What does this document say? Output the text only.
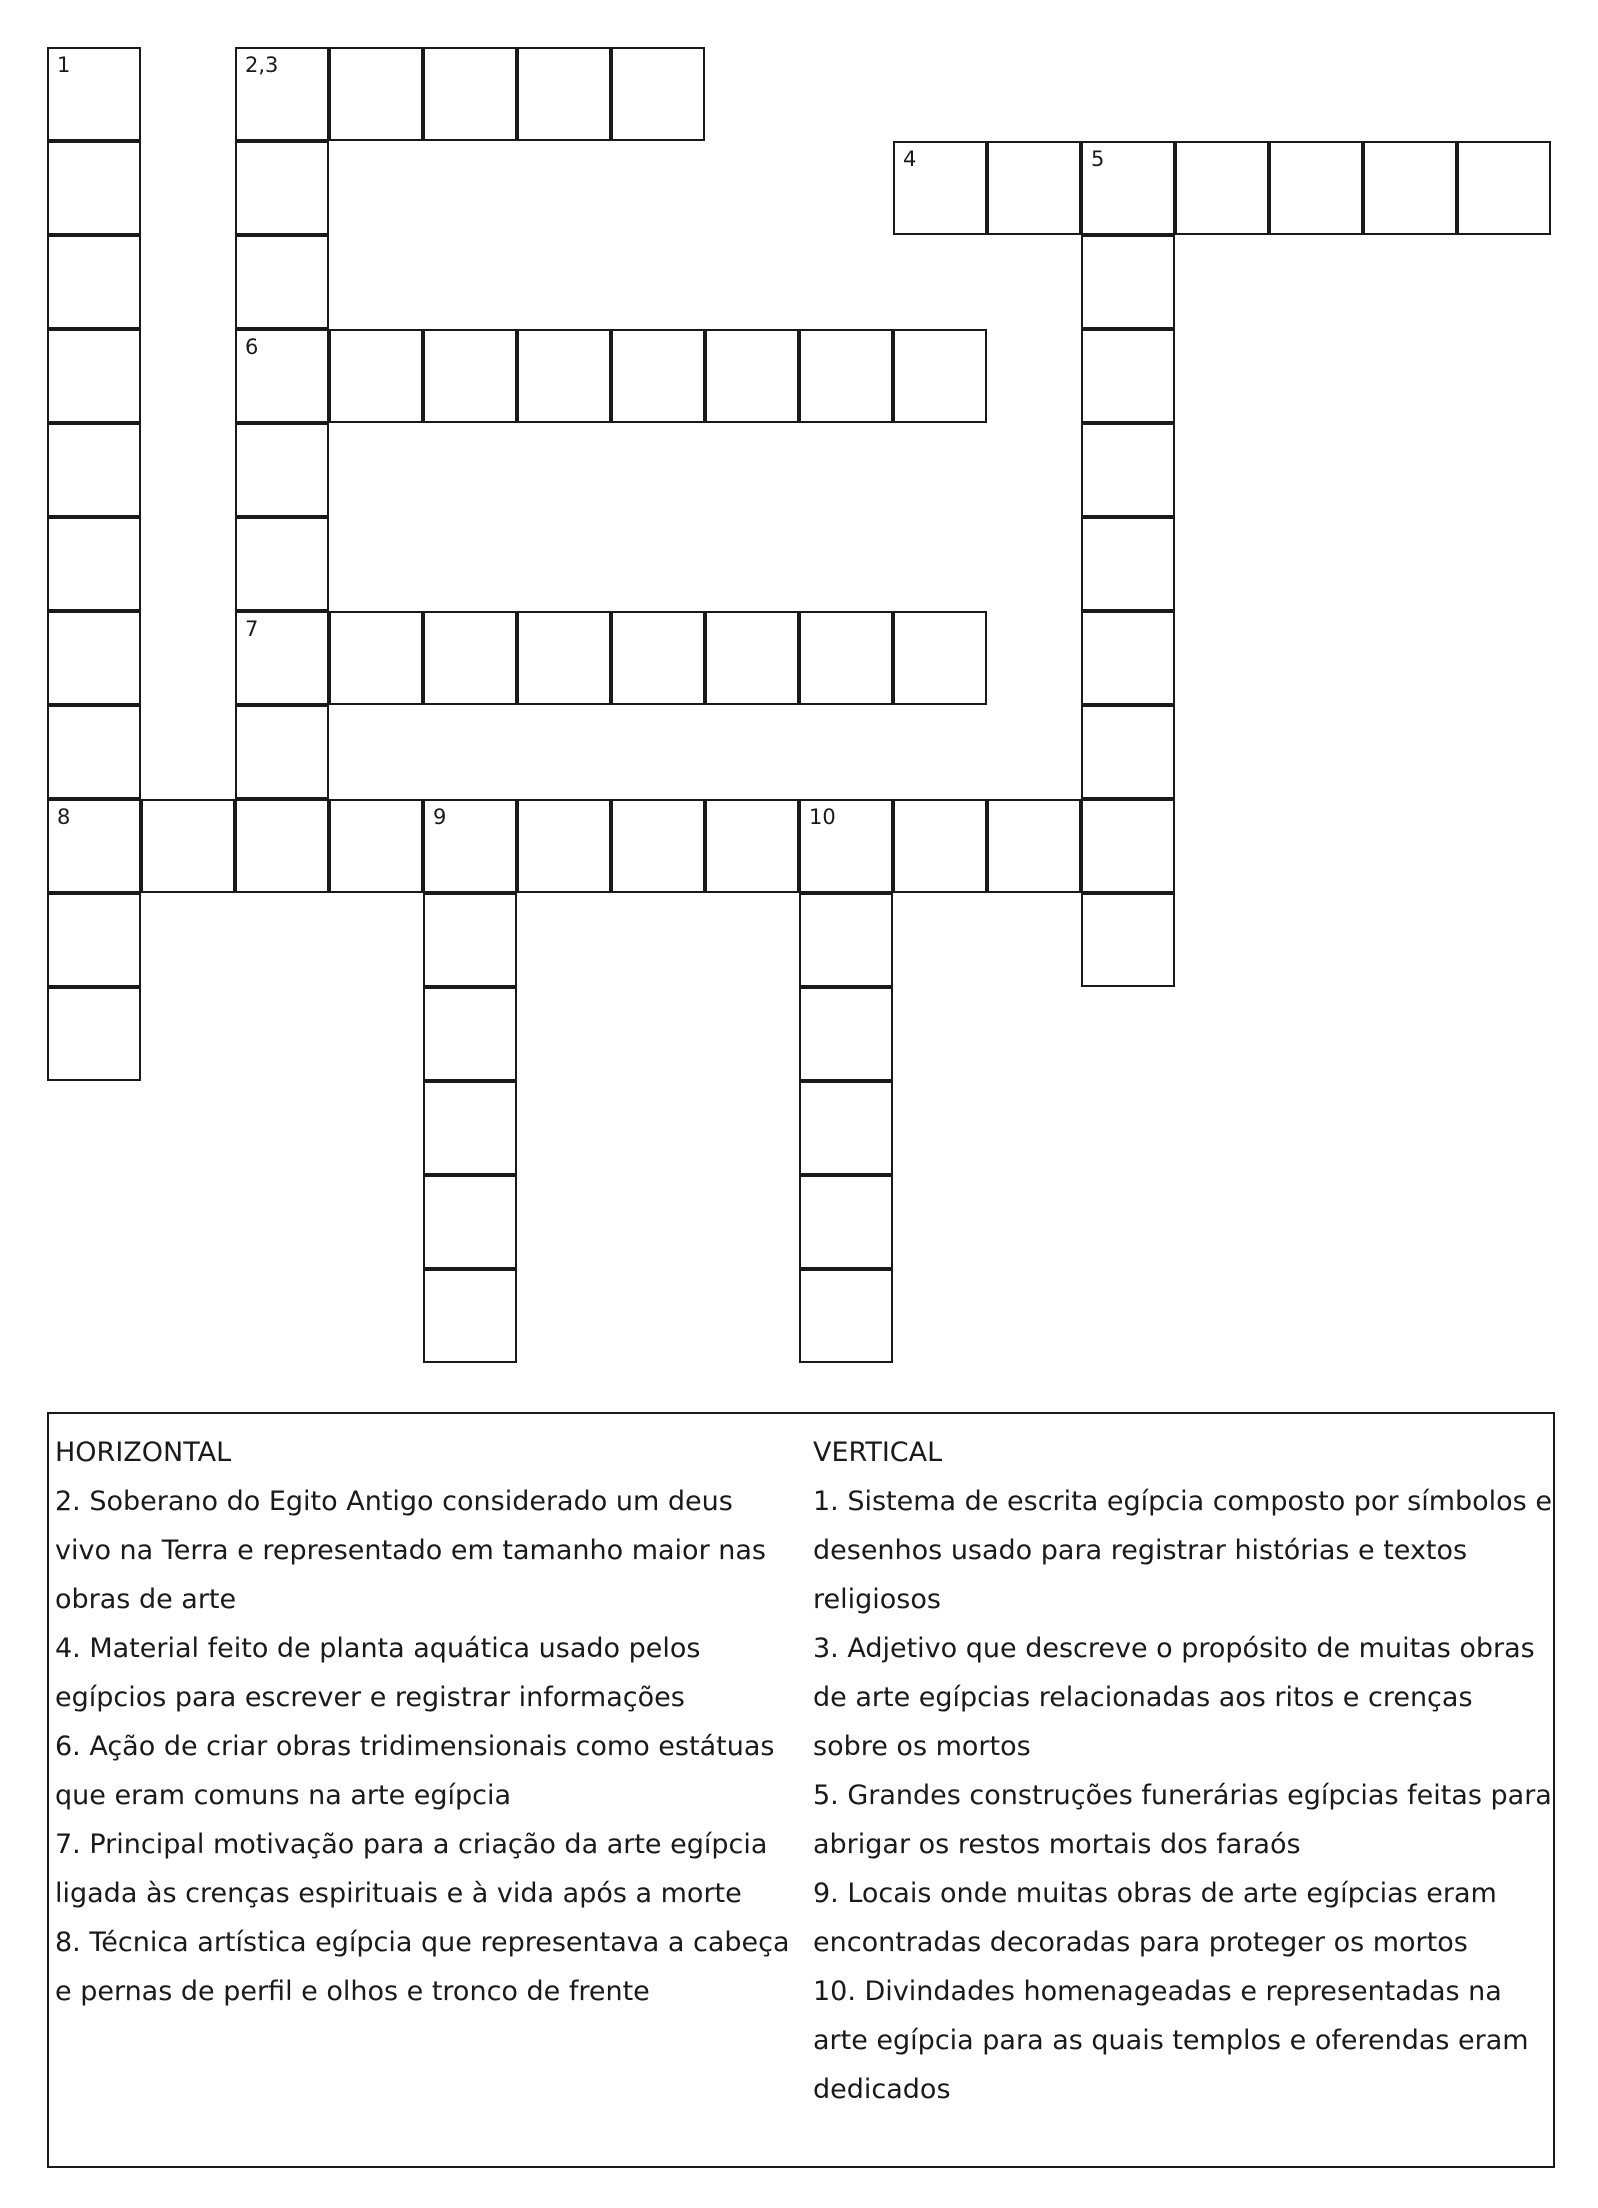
2,3
4	5
6
7
8	9	10
1

HORIZONTAL

2. Soberano do Egito Antigo considerado um deus vivo na Terra e representado em tamanho maior nas obras de arte

4. Material feito de planta aquática usado pelos egípcios para escrever e registrar informações

6. Ação de criar obras tridimensionais como estátuas que eram comuns na arte egípcia

7. Principal motivação para a criação da arte egípcia ligada às crenças espirituais e à vida após a morte

8. Técnica artística egípcia que representava a cabeça e pernas de perfil e olhos e tronco de frente

VERTICAL

1. Sistema de escrita egípcia composto por símbolos e desenhos usado para registrar histórias e textos religiosos

3. Adjetivo que descreve o propósito de muitas obras de arte egípcias relacionadas aos ritos e crenças sobre os mortos

5. Grandes construções funerárias egípcias feitas para abrigar os restos mortais dos faraós

9. Locais onde muitas obras de arte egípcias eram encontradas decoradas para proteger os mortos

10. Divindades homenageadas e representadas na arte egípcia para as quais templos e oferendas eram dedicados
